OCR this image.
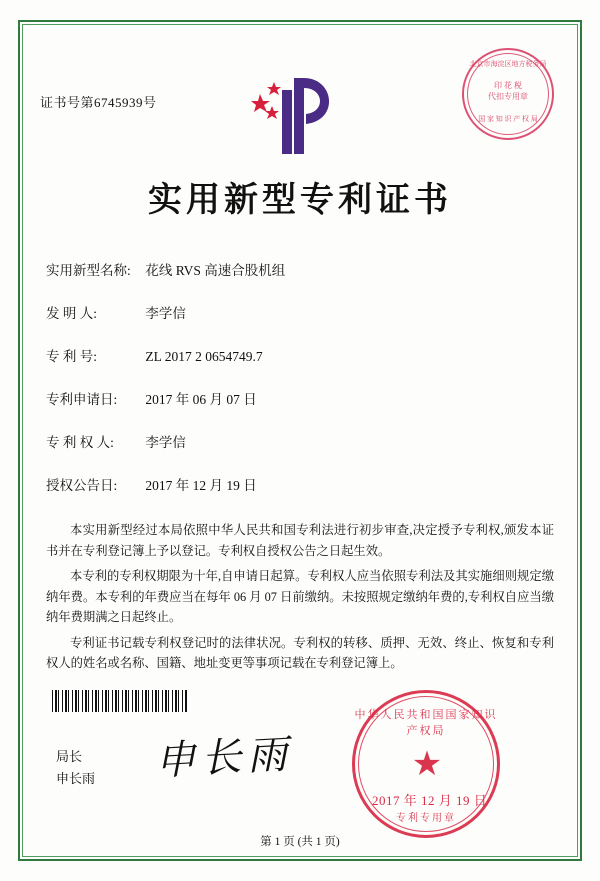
证书号第6745939号
北京市海淀区地方税务局
印 花 税
代扣专用章
国 家 知 识 产 权 局
实用新型专利证书
实用新型名称: 花线 RVS 高速合股机组
发 明 人:	李学信
专 利 号:	ZL 2017 2 0654749.7
专利申请日: 2017 年 06 月 07 日
专 利 权 人: 李学信
授权公告日: 2017 年 12 月 19 日

本实用新型经过本局依照中华人民共和国专利法进行初步审查,决定授予专利权,颁发本证书并在专利登记簿上予以登记。专利权自授权公告之日起生效。

本专利的专利权期限为十年,自申请日起算。专利权人应当依照专利法及其实施细则规定缴纳年费。本专利的年费应当在每年 06 月 07 日前缴纳。未按照规定缴纳年费的,专利权自应当缴纳年费期满之日起终止。

专利证书记载专利权登记时的法律状况。专利权的转移、质押、无效、终止、恢复和专利权人的姓名或名称、国籍、地址变更等事项记载在专利登记簿上。

局长
申长雨 申长雨
中华人民共和国国家知识产权局
★
专利专用章
2017 年 12 月 19 日
第 1 页 (共 1 页)
